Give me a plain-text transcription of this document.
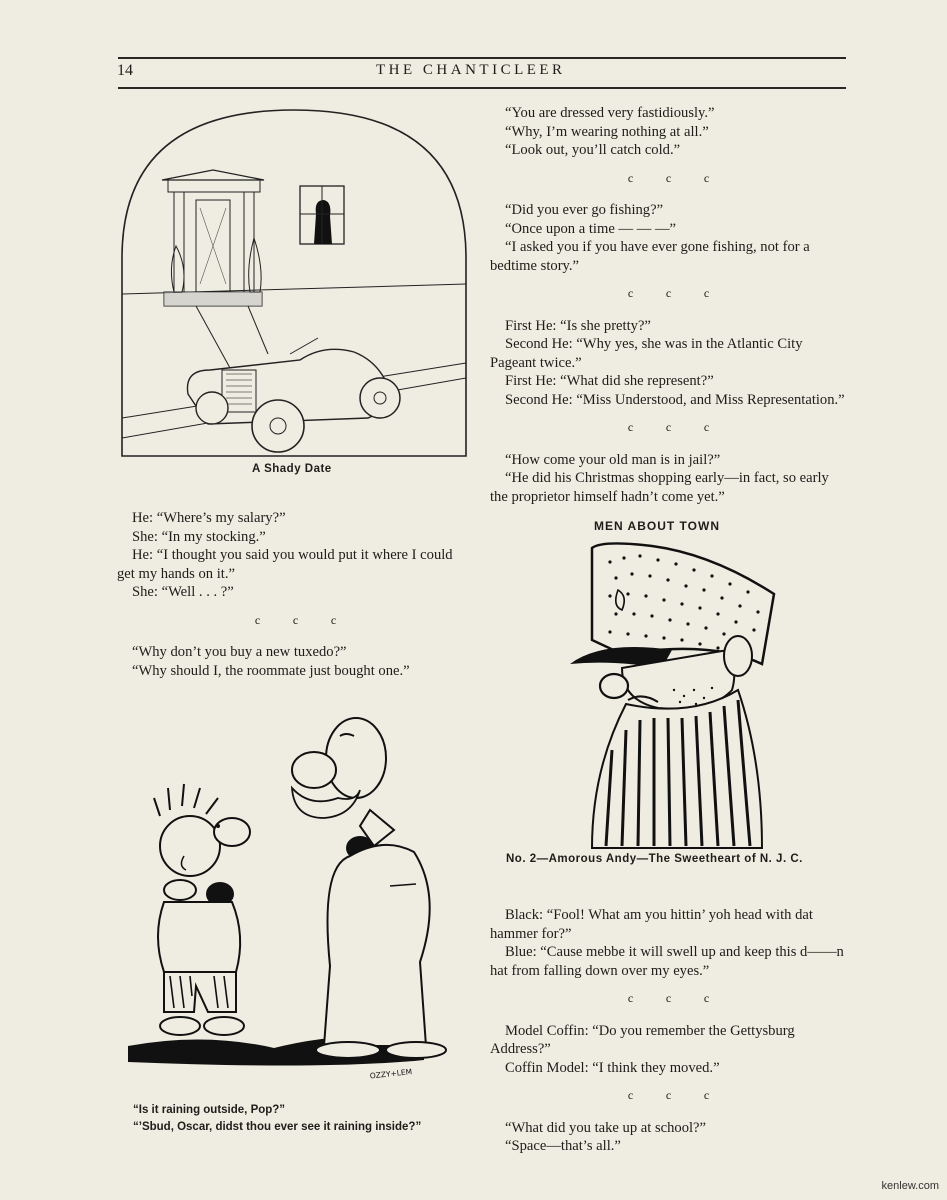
14	THE CHANTICLEER
A Shady Date

He: “Where’s my salary?”

She: “In my stocking.”

He: “I thought you said you would put it where I could get my hands on it.”

She: “Well . . . ?”

c	c	c

“Why don’t you buy a new tuxedo?”

“Why should I, the roommate just bought one.”

OZZY+LEM
“Is it raining outside, Pop?”
“’Sbud, Oscar, didst thou ever see it raining inside?”

“You are dressed very fastidiously.”

“Why, I’m wearing nothing at all.”

“Look out, you’ll catch cold.”

c	c	c

“Did you ever go fishing?”

“Once upon a time — — —”

“I asked you if you have ever gone fishing, not for a bedtime story.”

c	c	c

First He: “Is she pretty?”

Second He: “Why yes, she was in the Atlantic City Pageant twice.”

First He: “What did she represent?”

Second He: “Miss Understood, and Miss Representation.”

c	c	c

“How come your old man is in jail?”

“He did his Christmas shopping early—in fact, so early the proprietor himself hadn’t come yet.”

MEN ABOUT TOWN
No. 2—Amorous Andy—The Sweetheart of N. J. C.

Black: “Fool! What am you hittin’ yoh head with dat hammer for?”

Blue: “Cause mebbe it will swell up and keep this d——n hat from falling down over my eyes.”

c	c	c

Model Coffin: “Do you remember the Gettysburg Address?”

Coffin Model: “I think they moved.”

c	c	c

“What did you take up at school?”

“Space—that’s all.”

kenlew.com
